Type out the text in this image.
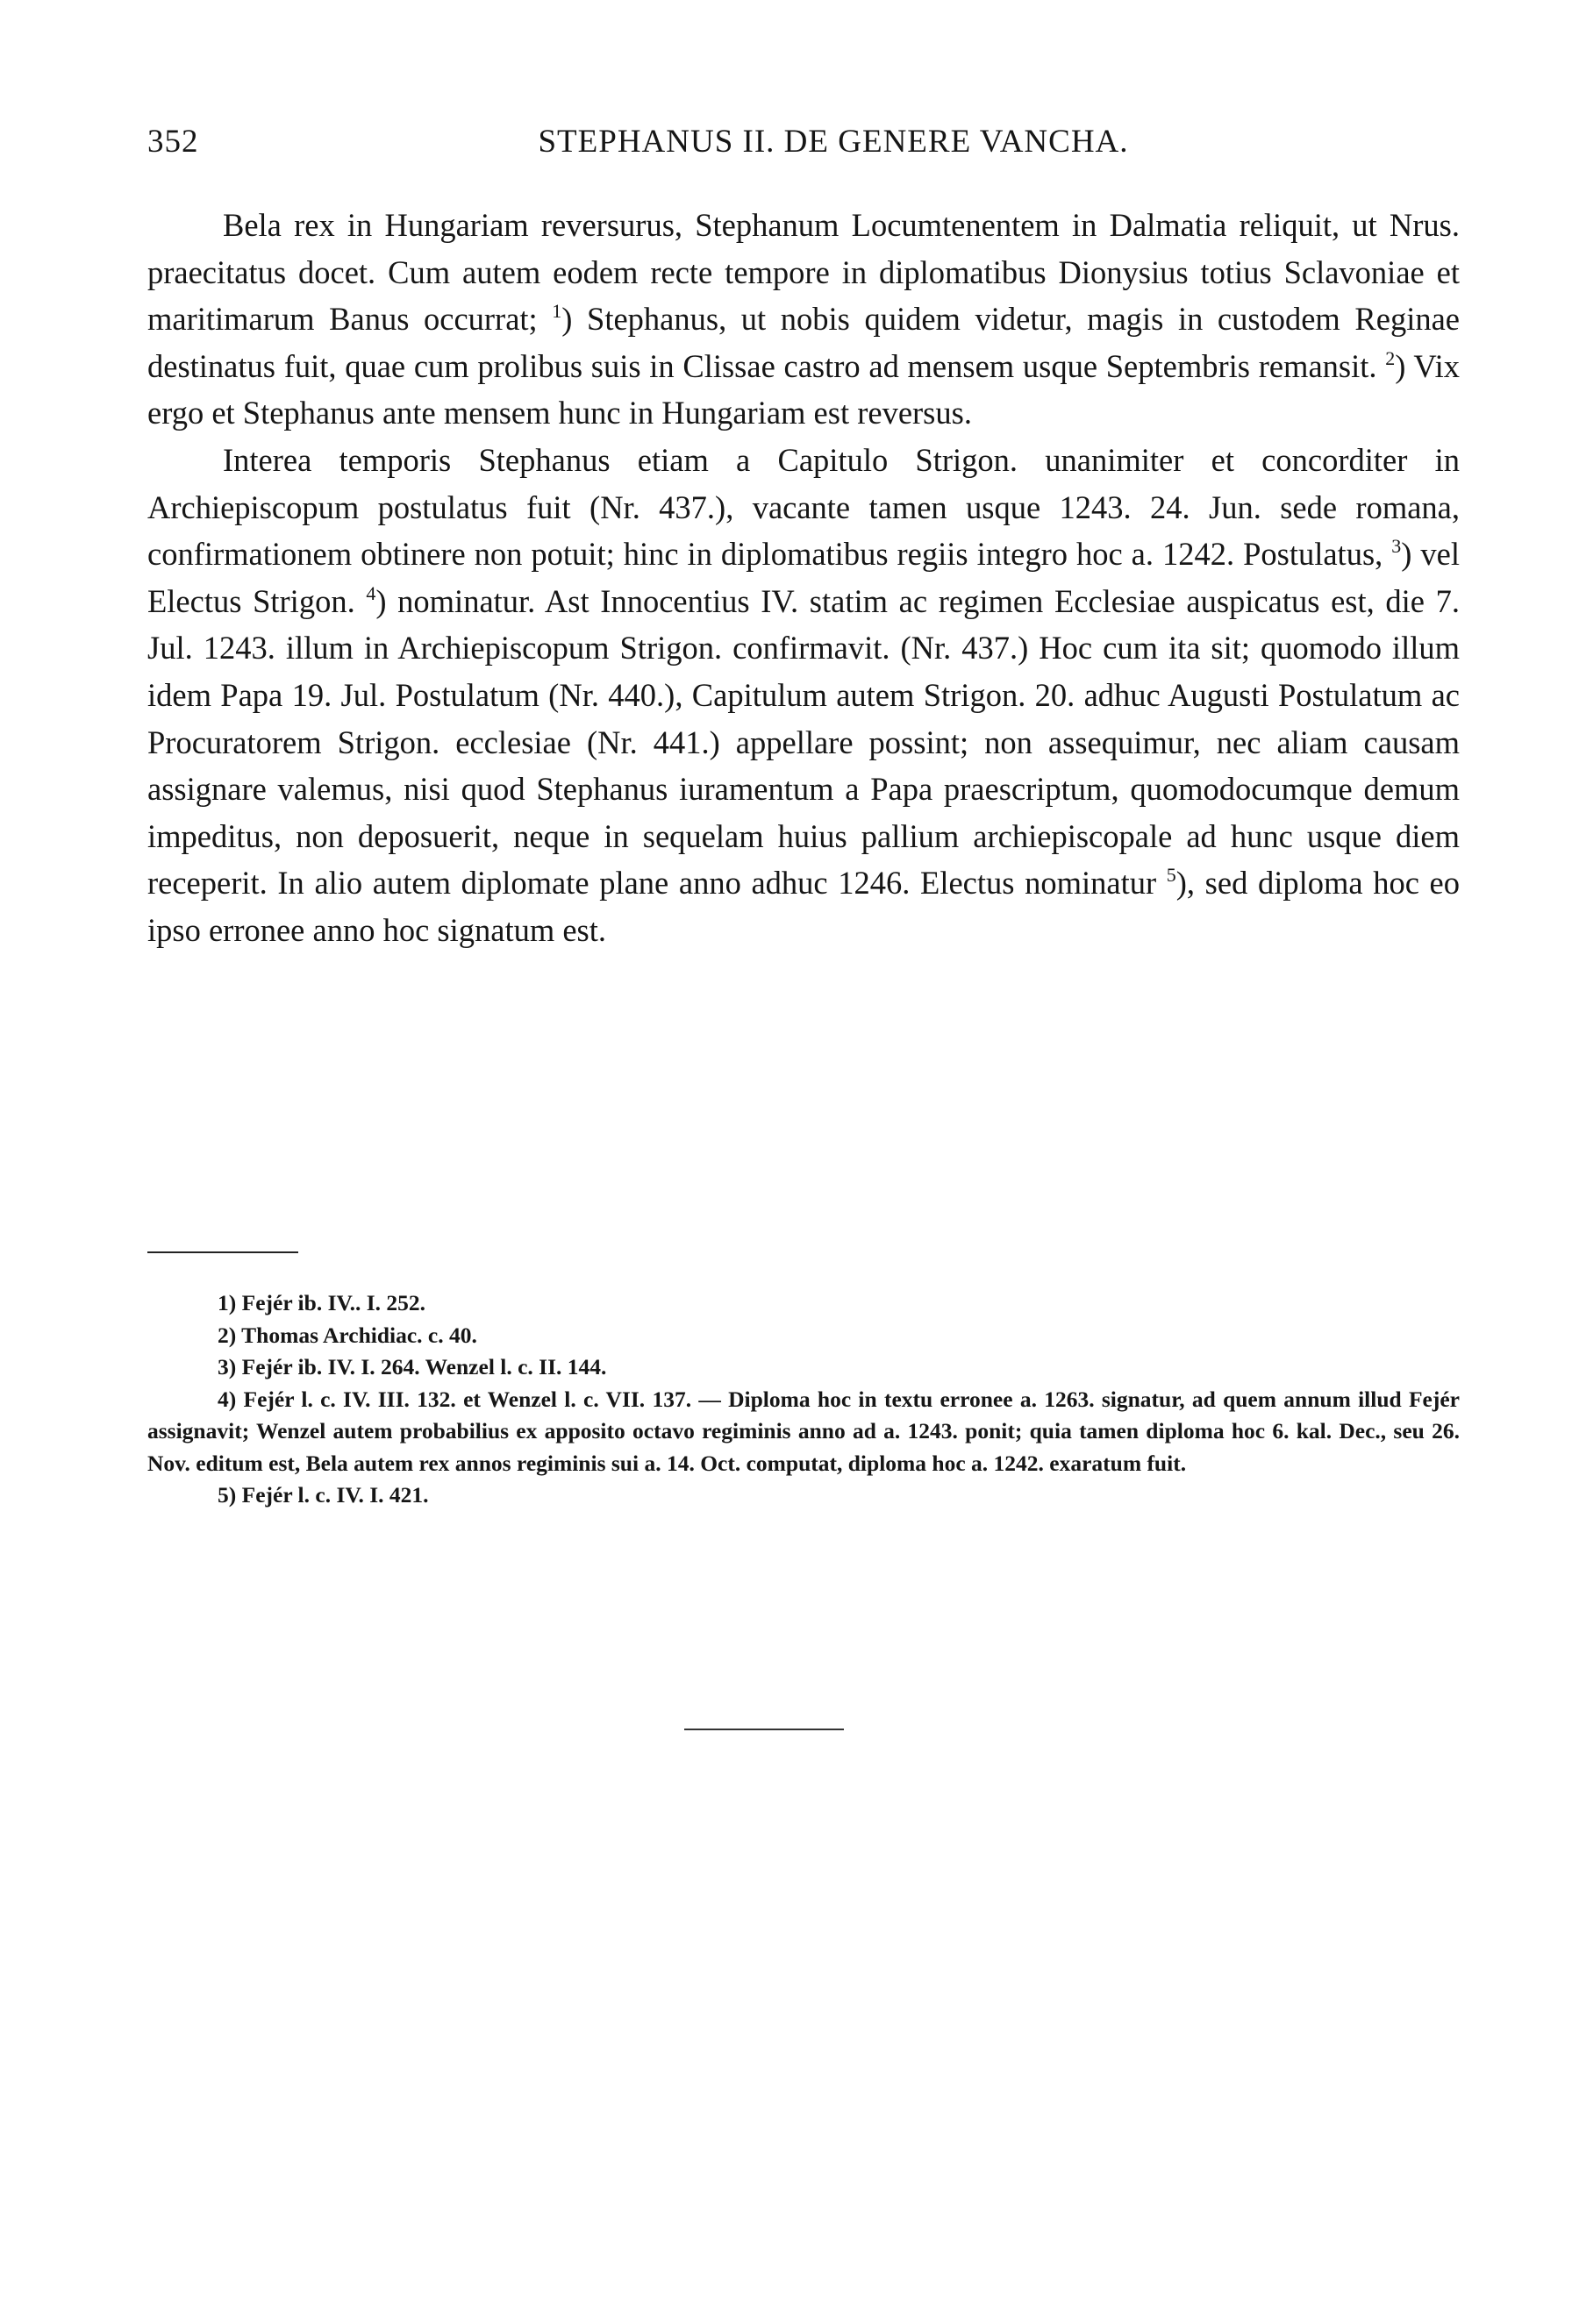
352	STEPHANUS II. DE GENERE VANCHA.

Bela rex in Hungariam reversurus, Stephanum Locumtenentem in Dalmatia reliquit, ut Nrus. praecitatus docet. Cum autem eodem recte tempore in diplomatibus Dionysius totius Sclavoniae et maritimarum Banus occurrat; $^1$) Stephanus, ut nobis quidem videtur, magis in custodem Reginae destinatus fuit, quae cum prolibus suis in Clissae castro ad mensem usque Septembris remansit. $^2$) Vix ergo et Stephanus ante mensem hunc in Hungariam est reversus.

Interea temporis Stephanus etiam a Capitulo Strigon. unanimiter et concorditer in Archiepiscopum postulatus fuit (Nr. 437.), vacante tamen usque 1243. 24. Jun. sede romana, confirmationem obtinere non potuit; hinc in diplomatibus regiis integro hoc a. 1242. Postulatus, $^3$) vel Electus Strigon. $^4$) nominatur. Ast Innocentius IV. statim ac regimen Ecclesiae auspicatus est, die 7. Jul. 1243. illum in Archiepiscopum Strigon. confirmavit. (Nr. 437.) Hoc cum ita sit; quomodo illum idem Papa 19. Jul. Postulatum (Nr. 440.), Capitulum autem Strigon. 20. adhuc Augusti Postulatum ac Procuratorem Strigon. ecclesiae (Nr. 441.) appellare possint; non assequimur, nec aliam causam assignare valemus, nisi quod Stephanus iuramentum a Papa praescriptum, quomodocumque demum impeditus, non deposuerit, neque in sequelam huius pallium archiepiscopale ad hunc usque diem receperit. In alio autem diplomate plane anno adhuc 1246. Electus nominatur $^5$), sed diploma hoc eo ipso erronee anno hoc signatum est.

1) Fejér ib. IV.. I. 252.

2) Thomas Archidiac. c. 40.

3) Fejér ib. IV. I. 264. Wenzel l. c. II. 144.

4) Fejér l. c. IV. III. 132. et Wenzel l. c. VII. 137. — Diploma hoc in textu erronee a. 1263. signatur, ad quem annum illud Fejér assignavit; Wenzel autem probabilius ex apposito octavo regiminis anno ad a. 1243. ponit; quia tamen diploma hoc 6. kal. Dec., seu 26. Nov. editum est, Bela autem rex annos regiminis sui a. 14. Oct. computat, diploma hoc a. 1242. exaratum fuit.

5) Fejér l. c. IV. I. 421.
